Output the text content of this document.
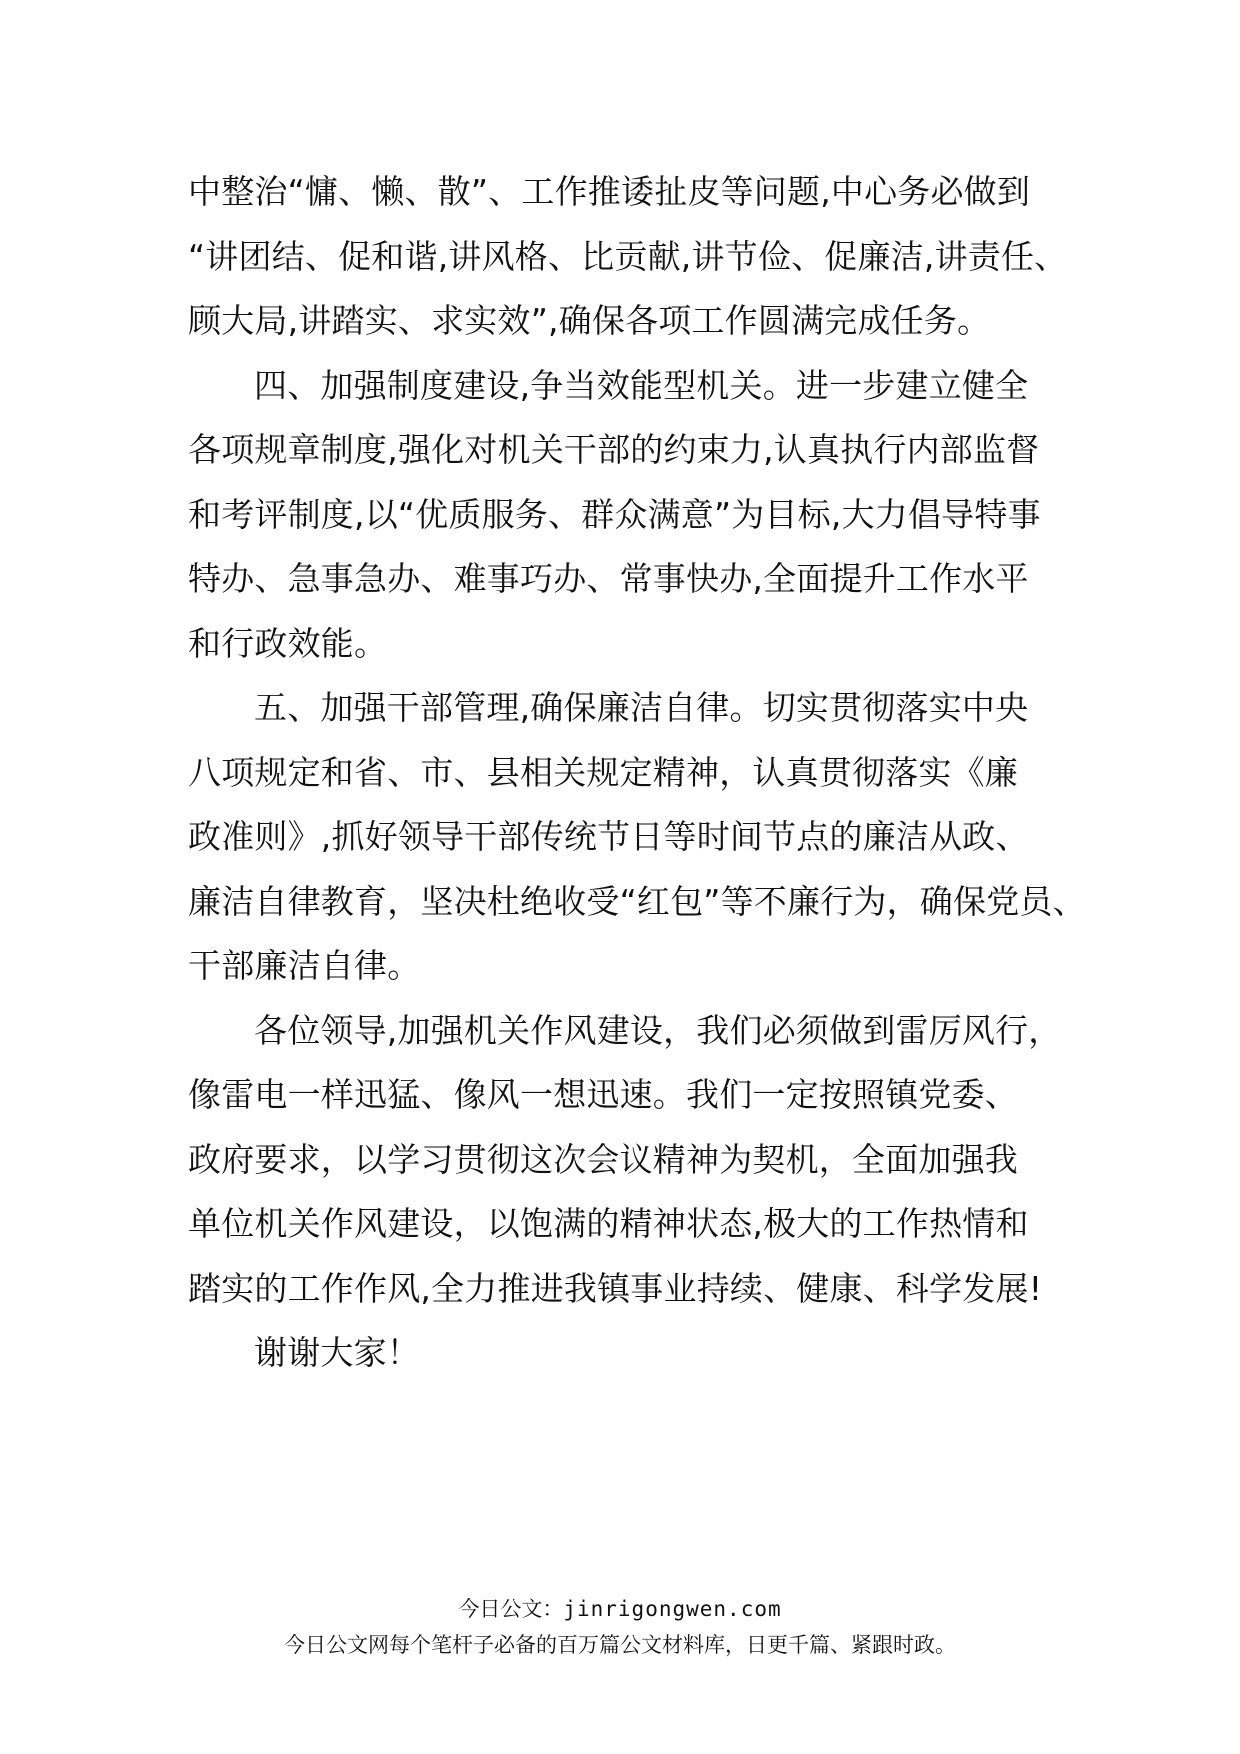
中整治“慵、懒、散”、工作推诿扯皮等问题,中心务必做到
“讲团结、促和谐,讲风格、比贡献,讲节俭、促廉洁,讲责任、
顾大局,讲踏实、求实效”,确保各项工作圆满完成任务。
四、加强制度建设,争当效能型机关。进一步建立健全
各项规章制度,强化对机关干部的约束力,认真执行内部监督
和考评制度,以“优质服务、群众满意”为目标,大力倡导特事
特办、急事急办、难事巧办、常事快办,全面提升工作水平
和行政效能。
五、加强干部管理,确保廉洁自律。切实贯彻落实中央
八项规定和省、市、县相关规定精神，认真贯彻落实《廉
政准则》,抓好领导干部传统节日等时间节点的廉洁从政、
廉洁自律教育，坚决杜绝收受“红包”等不廉行为，确保党员、
干部廉洁自律。
各位领导,加强机关作风建设，我们必须做到雷厉风行，
像雷电一样迅猛、像风一想迅速。我们一定按照镇党委、
政府要求，以学习贯彻这次会议精神为契机，全面加强我
单位机关作风建设，以饱满的精神状态,极大的工作热情和
踏实的工作作风,全力推进我镇事业持续、健康、科学发展!
谢谢大家！
今日公文：jinrigongwen.com
今日公文网每个笔杆子必备的百万篇公文材料库，日更千篇、紧跟时政。
